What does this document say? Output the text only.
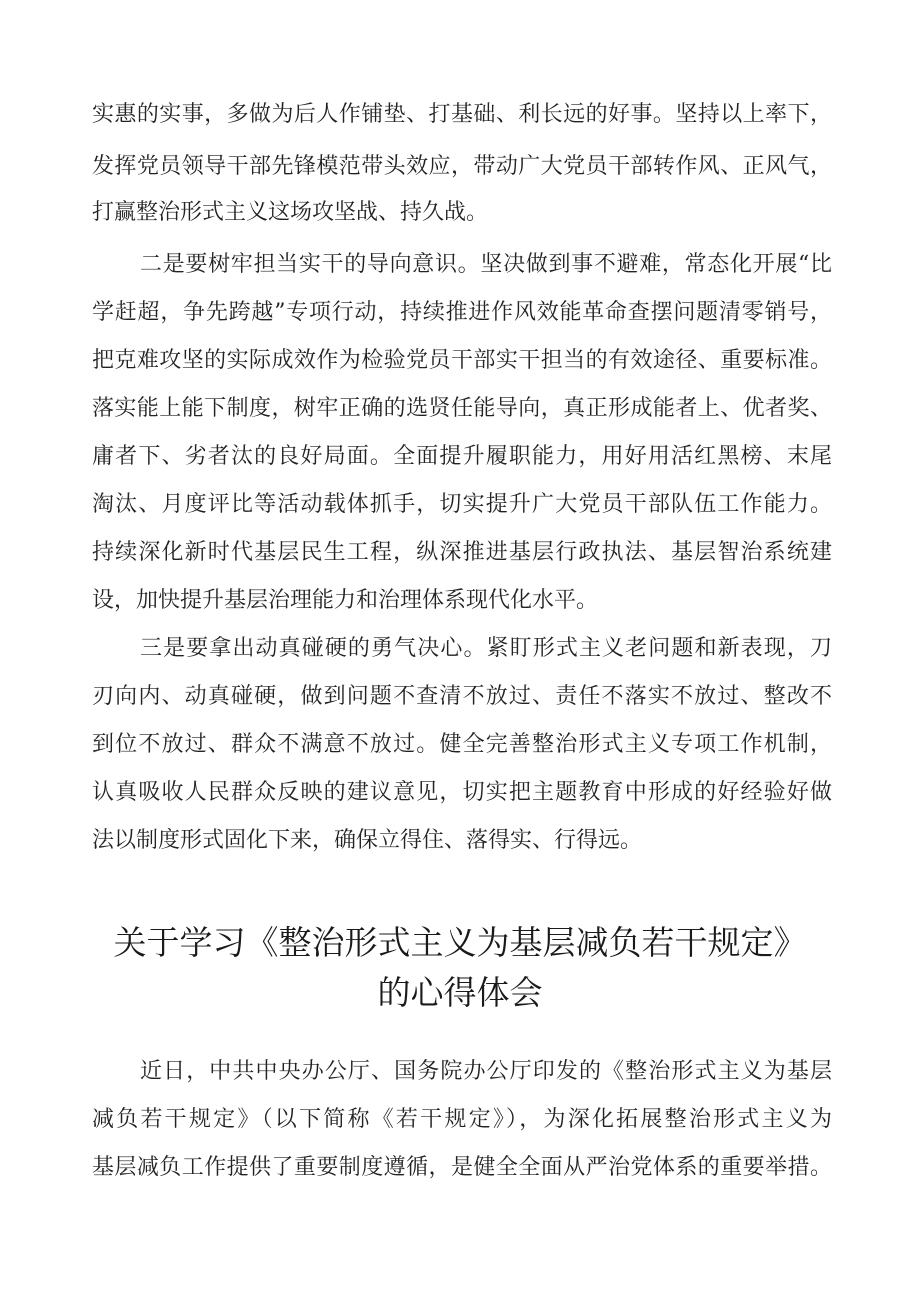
实惠的实事，多做为后人作铺垫、打基础、利长远的好事。坚持以上率下，
发挥党员领导干部先锋模范带头效应，带动广大党员干部转作风、正风气，
打赢整治形式主义这场攻坚战、持久战。
二是要树牢担当实干的导向意识。坚决做到事不避难，常态化开展“比
学赶超，争先跨越”专项行动，持续推进作风效能革命查摆问题清零销号，
把克难攻坚的实际成效作为检验党员干部实干担当的有效途径、重要标准。
落实能上能下制度，树牢正确的选贤任能导向，真正形成能者上、优者奖、
庸者下、劣者汰的良好局面。全面提升履职能力，用好用活红黑榜、末尾
淘汰、月度评比等活动载体抓手，切实提升广大党员干部队伍工作能力。
持续深化新时代基层民生工程，纵深推进基层行政执法、基层智治系统建
设，加快提升基层治理能力和治理体系现代化水平。
三是要拿出动真碰硬的勇气决心。紧盯形式主义老问题和新表现，刀
刃向内、动真碰硬，做到问题不查清不放过、责任不落实不放过、整改不
到位不放过、群众不满意不放过。健全完善整治形式主义专项工作机制，
认真吸收人民群众反映的建议意见，切实把主题教育中形成的好经验好做
法以制度形式固化下来，确保立得住、落得实、行得远。
关于学习《整治形式主义为基层减负若干规定》
的心得体会
近日，中共中央办公厅、国务院办公厅印发的《整治形式主义为基层
减负若干规定》（以下简称《若干规定》），为深化拓展整治形式主义为
基层减负工作提供了重要制度遵循，是健全全面从严治党体系的重要举措。
